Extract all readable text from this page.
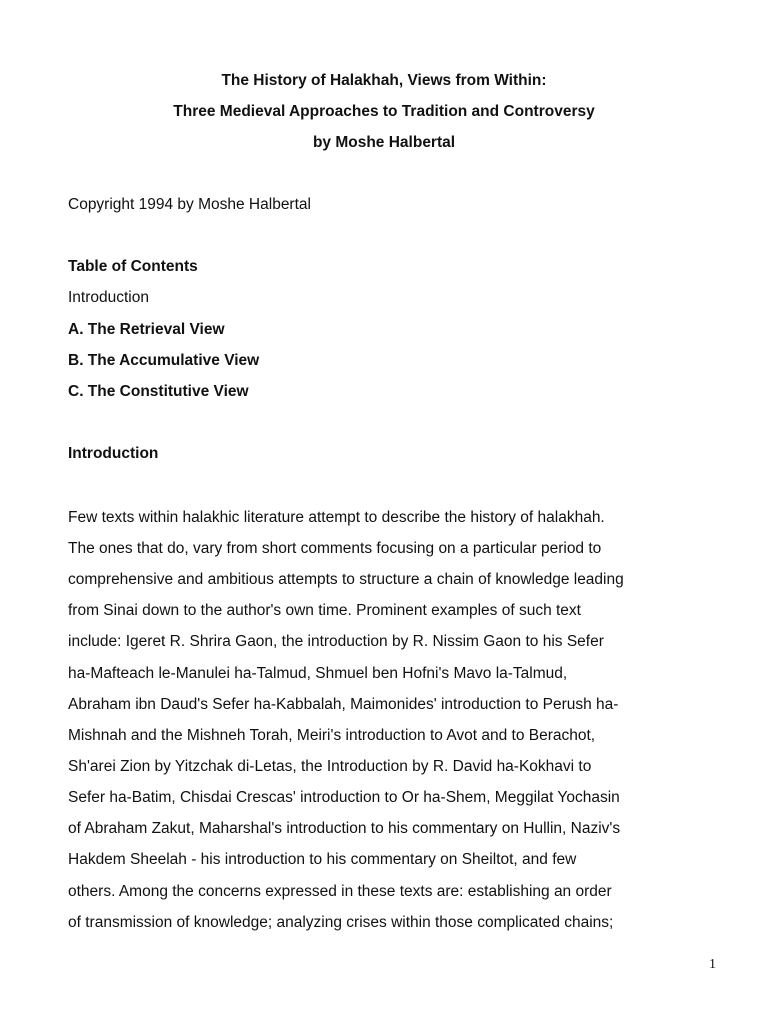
The History of Halakhah, Views from Within:
Three Medieval Approaches to Tradition and Controversy
by Moshe Halbertal
Copyright 1994 by Moshe Halbertal
Table of Contents
Introduction
A. The Retrieval View
B. The Accumulative View
C. The Constitutive View
Introduction
Few texts within halakhic literature attempt to describe the history of halakhah.
The ones that do, vary from short comments focusing on a particular period to
comprehensive and ambitious attempts to structure a chain of knowledge leading
from Sinai down to the author's own time. Prominent examples of such text
include: Igeret R. Shrira Gaon, the introduction by R. Nissim Gaon to his Sefer
ha-Mafteach le-Manulei ha-Talmud, Shmuel ben Hofni's Mavo la-Talmud,
Abraham ibn Daud's Sefer ha-Kabbalah, Maimonides' introduction to Perush ha-
Mishnah and the Mishneh Torah, Meiri's introduction to Avot and to Berachot,
Sh'arei Zion by Yitzchak di-Letas, the Introduction by R. David ha-Kokhavi to
Sefer ha-Batim, Chisdai Crescas' introduction to Or ha-Shem, Meggilat Yochasin
of Abraham Zakut, Maharshal's introduction to his commentary on Hullin, Naziv's
Hakdem Sheelah - his introduction to his commentary on Sheiltot, and few
others. Among the concerns expressed in these texts are: establishing an order
of transmission of knowledge; analyzing crises within those complicated chains;
1
